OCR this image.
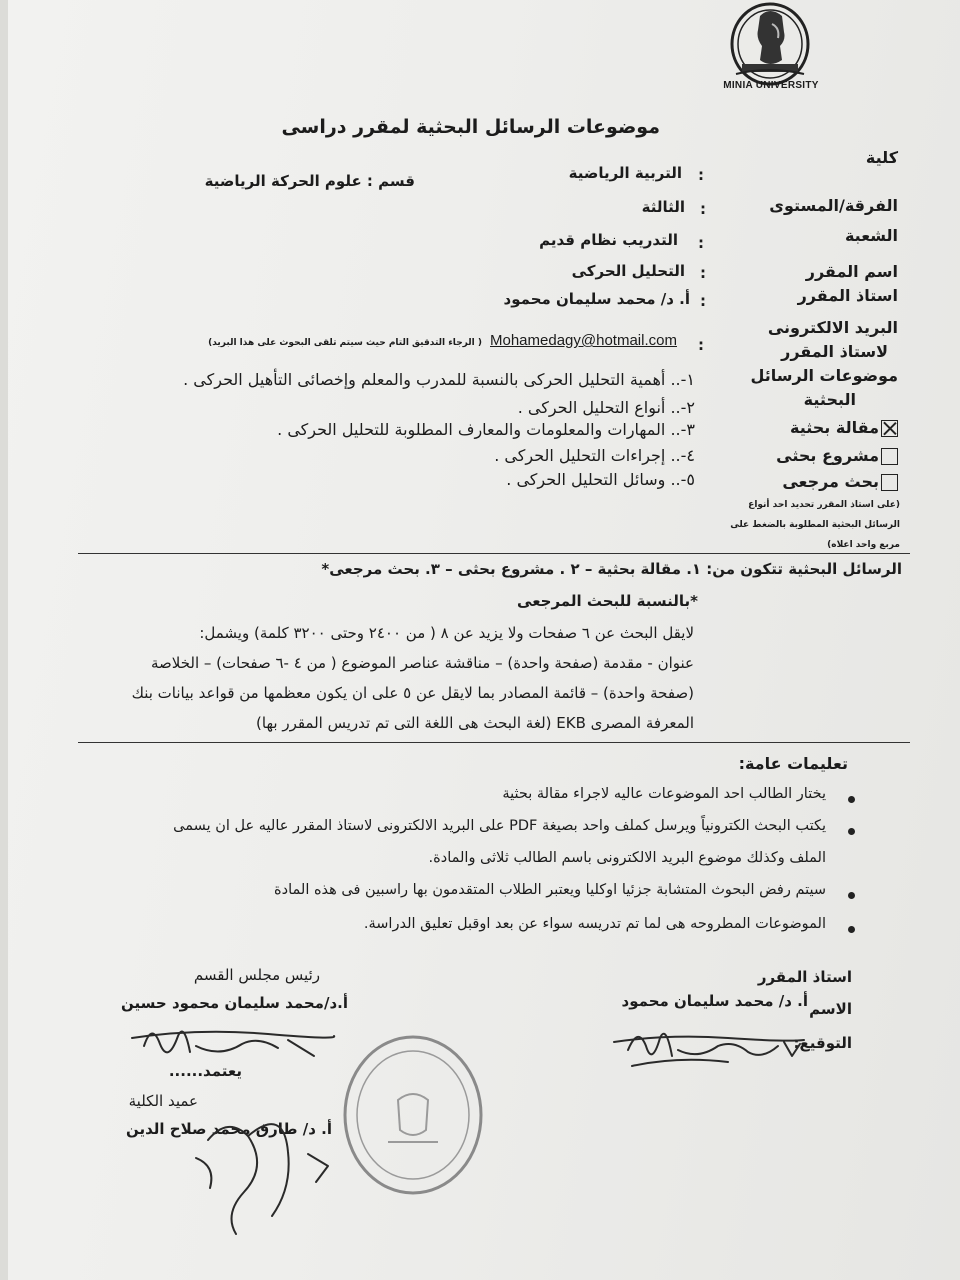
MINIA UNIVERSITY
موضوعات الرسائل البحثية لمقرر دراسى
كلية
:
التربية الرياضية
قسم : علوم الحركة الرياضية
الفرقة/المستوى
:
الثالثة
الشعبة
:
التدريب نظام قديم
اسم المقرر
:
التحليل الحركى
استاذ المقرر
:
أ. د/ محمد سليمان محمود
البريد الالكترونى
لاستاذ المقرر
:
Mohamedagy@hotmail.com
( الرجاء التدقيق التام حيث سيتم تلقى البحوث على هذا البريد)
موضوعات الرسائل
البحثية
١-.. أهمية التحليل الحركى بالنسبة للمدرب والمعلم وإخصائى التأهيل الحركى .
٢-.. أنواع التحليل الحركى .
٣-.. المهارات والمعلومات والمعارف المطلوبة للتحليل الحركى .
٤-.. إجراءات التحليل الحركى .
٥-.. وسائل التحليل الحركى .
مقالة بحثية
مشروع بحثى
بحث مرجعى
(على استاذ المقرر تحديد احد أنواع
الرسائل البحثية المطلوبة بالضغط على
مربع واحد اعلاه)
الرسائل البحثية تتكون من: ١. مقالة بحثية – ٢ . مشروع بحثى – ٣. بحث مرجعى*
*بالنسبة للبحث المرجعى
لايقل البحث عن ٦ صفحات ولا يزيد عن ٨ ( من ٢٤٠٠ وحتى ٣٢٠٠ كلمة) ويشمل:
عنوان - مقدمة (صفحة واحدة) – مناقشة عناصر الموضوع ( من ٤ -٦ صفحات) – الخلاصة
(صفحة واحدة) – قائمة المصادر بما لايقل عن ٥ على ان يكون معظمها من قواعد بيانات بنك
المعرفة المصرى EKB (لغة البحث هى اللغة التى تم تدريس المقرر بها)
تعليمات عامة:
يختار الطالب احد الموضوعات عاليه لاجراء مقالة بحثية
يكتب البحث الكترونياً ويرسل كملف واحد بصيغة PDF على البريد الالكترونى لاستاذ المقرر عاليه عل ان يسمى
الملف وكذلك موضوع البريد الالكترونى باسم الطالب ثلاثى والمادة.
سيتم رفض البحوث المتشابة جزئيا اوكليا ويعتبر الطلاب المتقدمون بها راسبين فى هذه المادة
الموضوعات المطروحه هى لما تم تدريسه سواء عن بعد اوقبل تعليق الدراسة.
استاذ المقرر
الاسم
أ. د/ محمد سليمان محمود
التوقيع:
رئيس مجلس القسم
أ.د/محمد سليمان محمود حسين
يعتمد......
عميد الكلية
أ. د/ طارق محمد صلاح الدين
